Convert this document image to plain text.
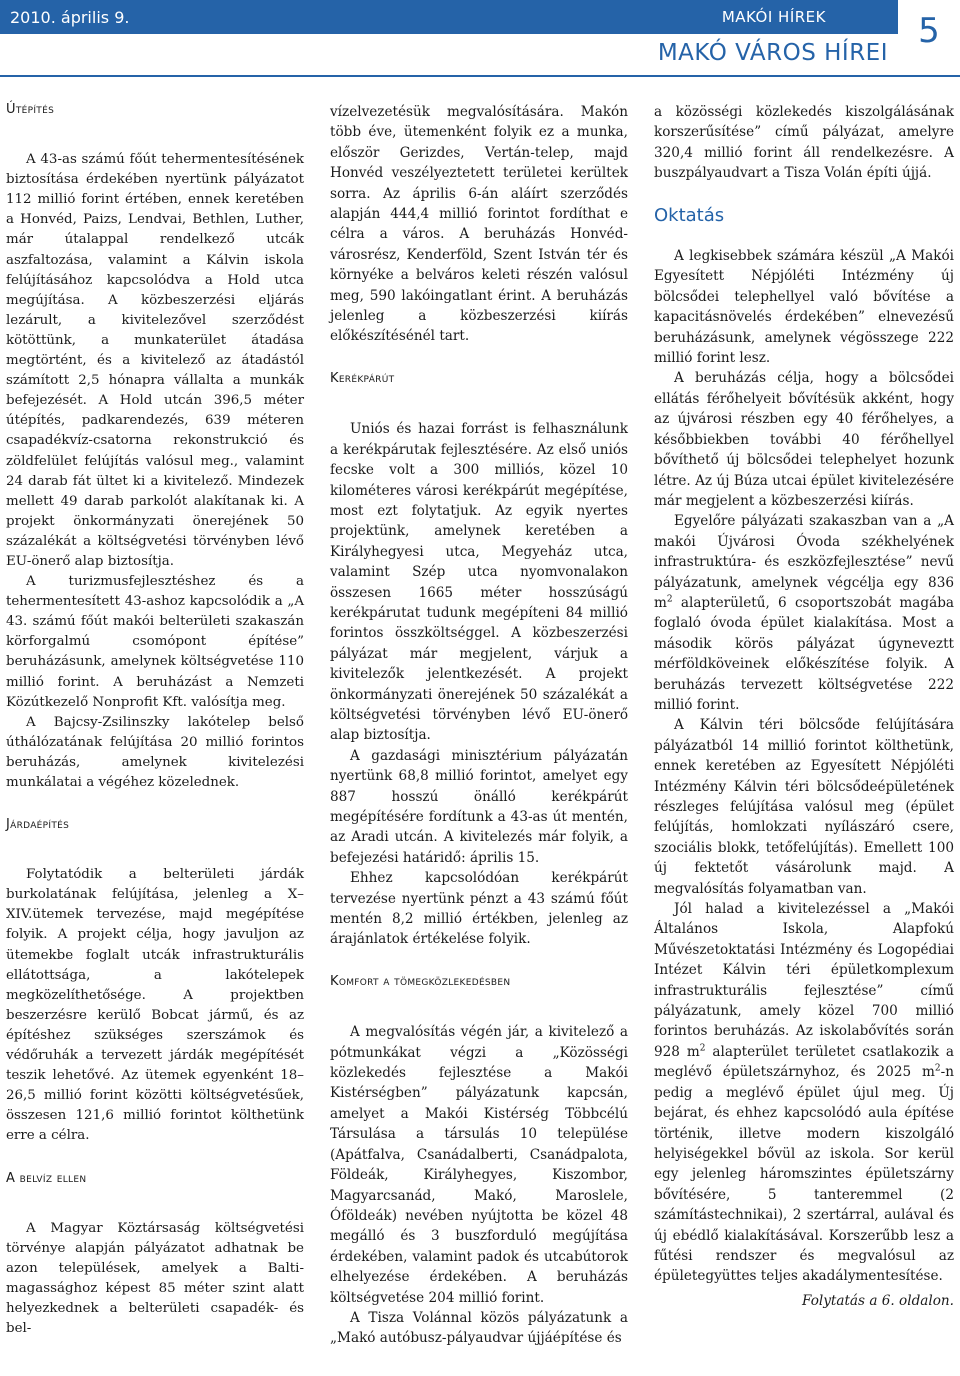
2010. április 9.	MAKÓI HÍREK	5
MAKÓ VÁROS HÍREI
Útépítés

A 43-as számú főút tehermentesítésének biztosítása érdekében nyertünk pályázatot 112 millió forint értében, ennek keretében a Honvéd, Paizs, Lendvai, Bethlen, Luther, már útalappal rendelkező utcák aszfaltozása, valamint a Kálvin iskola felújításához kapcsolódva a Hold utca megújítása. A közbeszerzési eljárás lezárult, a kivitelezővel szerződést kötöttünk, a munkaterület átadása megtörtént, és a kivitelező az átadástól számított 2,5 hónapra vállalta a munkák befejezését. A Hold utcán 396,5 méter útépítés, padkarendezés, 639 méteren csapadékvíz-csatorna rekonstrukció és zöldfelület felújítás valósul meg., valamint 24 darab fát ültet ki a kivitelező. Mindezek mellett 49 darab parkolót alakítanak ki. A projekt önkormányzati önerejének 50 százalékát a költségvetési törvényben lévő EU-önerő alap biztosítja.

A turizmusfejlesztéshez és a tehermentesített 43-ashoz kapcsolódik a „A 43. számú főút makói belterületi szakaszán körforgalmú csomópont építése” beruházásunk, amelynek költségvetése 110 millió forint. A beruházást a Nemzeti Közútkezelő Nonprofit Kft. valósítja meg.

A Bajcsy-Zsilinszky lakótelep belső úthálózatának felújítása 20 millió forintos beruházás, amelynek kivitelezési munkálatai a végéhez közelednek.

Járdaépítés

Folytatódik a belterületi járdák burkolatának felújítása, jelenleg a X–XIV.ütemek tervezése, majd megépítése folyik. A projekt célja, hogy javuljon az ütemekbe foglalt utcák infrastrukturális ellátottsága, a lakótelepek megközelíthetősége. A projektben beszerzésre kerülő Bobcat jármű, és az építéshez szükséges szerszámok és védőruhák a tervezett járdák megépítését teszik lehetővé. Az ütemek egyenként 18–26,5 millió forint közötti költségvetésűek, összesen 121,6 millió forintot költhetünk erre a célra.

A belvíz ellen

A Magyar Köztársaság költségvetési törvénye alapján pályázatot adhatnak be azon települések, amelyek a Balti-magassághoz képest 85 méter szint alatt helyezkednek a belterületi csapadék- és bel-

vízelvezetésük megvalósítására. Makón több éve, ütemenként folyik ez a munka, először Gerizdes, Vertán-telep, majd Honvéd veszélyeztetett területei kerültek sorra. Az április 6-án aláírt szerződés alapján 444,4 millió forintot fordíthat e célra a város. A beruházás Honvéd-városrész, Kenderföld, Szent István tér és környéke a belváros keleti részén valósul meg, 590 lakóingatlant érint. A beruházás jelenleg a közbeszerzési kiírás előkészítésénél tart.

Kerékpárút

Uniós és hazai forrást is felhasználunk a kerékpárutak fejlesztésére. Az első uniós fecske volt a 300 milliós, közel 10 kilométeres városi kerékpárút megépítése, most ezt folytatjuk. Az egyik nyertes projektünk, amelynek keretében a Királyhegyesi utca, Megyeház utca, valamint Szép utca nyomvonalakon összesen 1665 méter hosszúságú kerékpárutat tudunk megépíteni 84 millió forintos összköltséggel. A közbeszerzési pályázat már megjelent, várjuk a kivitelezők jelentkezését. A projekt önkormányzati önerejének 50 százalékát a költségvetési törvényben lévő EU-önerő alap biztosítja.

A gazdasági minisztérium pályázatán nyertünk 68,8 millió forintot, amelyet egy 887 hosszú önálló kerékpárút megépítésére fordítunk a 43-as út mentén, az Aradi utcán. A kivitelezés már folyik, a befejezési határidő: április 15.

Ehhez kapcsolódóan kerékpárút tervezése nyertünk pénzt a 43 számú főút mentén 8,2 millió értékben, jelenleg az árajánlatok értékelése folyik.

Komfort a tömegközlekedésben

A megvalósítás végén jár, a kivitelező a pótmunkákat végzi a „Közösségi közlekedés fejlesztése a Makói Kistérségben” pályázatunk kapcsán, amelyet a Makói Kistérség Többcélú Társulása a társulás 10 települése (Apátfalva, Csanádalberti, Csanádpalota, Földeák, Királyhegyes, Kiszombor, Magyarcsanád, Makó, Maroslele, Óföldeák) nevében nyújtotta be közel 48 megálló és 3 buszforduló megújítása érdekében, valamint padok és utcabútorok elhelyezése érdekében. A beruházás költségvetése 204 millió forint.

A Tisza Volánnal közös pályázatunk a „Makó autóbusz-pályaudvar újjáépítése és

a közösségi közlekedés kiszolgálásának korszerűsítése” című pályázat, amelyre 320,4 millió forint áll rendelkezésre. A buszpályaudvart a Tisza Volán építi újjá.

Oktatás

A legkisebbek számára készül „A Makói Egyesített Népjóléti Intézmény új bölcsődei telephellyel való bővítése a kapacitásnövelés érdekében” elnevezésű beruházásunk, amelynek végösszege 222 millió forint lesz.

A beruházás célja, hogy a bölcsődei ellátás férőhelyeit bővítésük akként, hogy az újvárosi részben egy 40 férőhelyes, a későbbiekben további 40 férőhellyel bővíthető új bölcsődei telephelyet hozunk létre. Az új Búza utcai épület kivitelezésére már megjelent a közbeszerzési kiírás.

Egyelőre pályázati szakaszban van a „A makói Újvárosi Óvoda székhelyének infrastruktúra- és eszközfejlesztése” nevű pályázatunk, amelynek végcélja egy 836 $m^2$ alapterületű, 6 csoportszobát magába foglaló óvoda épület kialakítása. Most a második körös pályázat úgyneveztt mérföldköveinek előkészítése folyik. A beruházás tervezett költségvetése 222 millió forint.

A Kálvin téri bölcsőde felújítására pályázatból 14 millió forintot költhetünk, ennek keretében az Egyesített Népjóléti Intézmény Kálvin téri bölcsődeépületének részleges felújítása valósul meg (épület felújítás, homlokzati nyílászáró csere, szociális blokk, tetőfelújítás). Emellett 100 új fektetőt vásárolunk majd. A megvalósítás folyamatban van.

Jól halad a kivitelezéssel a „Makói Általános Iskola, Alapfokú Művészetoktatási Intézmény és Logopédiai Intézet Kálvin téri épületkomplexum infrastrukturális fejlesztése” című pályázatunk, amely közel 700 millió forintos beruházás. Az iskolabővítés során 928 $m^2$ alapterület területet csatlakozik a meglévő épületszárnyhoz, és 2025 $m^2-n$ pedig a meglévő épület újul meg. Új bejárat, és ehhez kapcsolódó aula építése történik, illetve modern kiszolgáló helyiségekkel bővül az iskola. Sor kerül egy jelenleg háromszintes épületszárny bővítésére, 5 tanteremmel (2 számítástechnikai), 2 szertárral, aulával és új ebédlő kialakításával. Korszerűbb lesz a fűtési rendszer és megvalósul az épületegyüttes teljes akadálymentesítése.

Folytatás a 6. oldalon.
